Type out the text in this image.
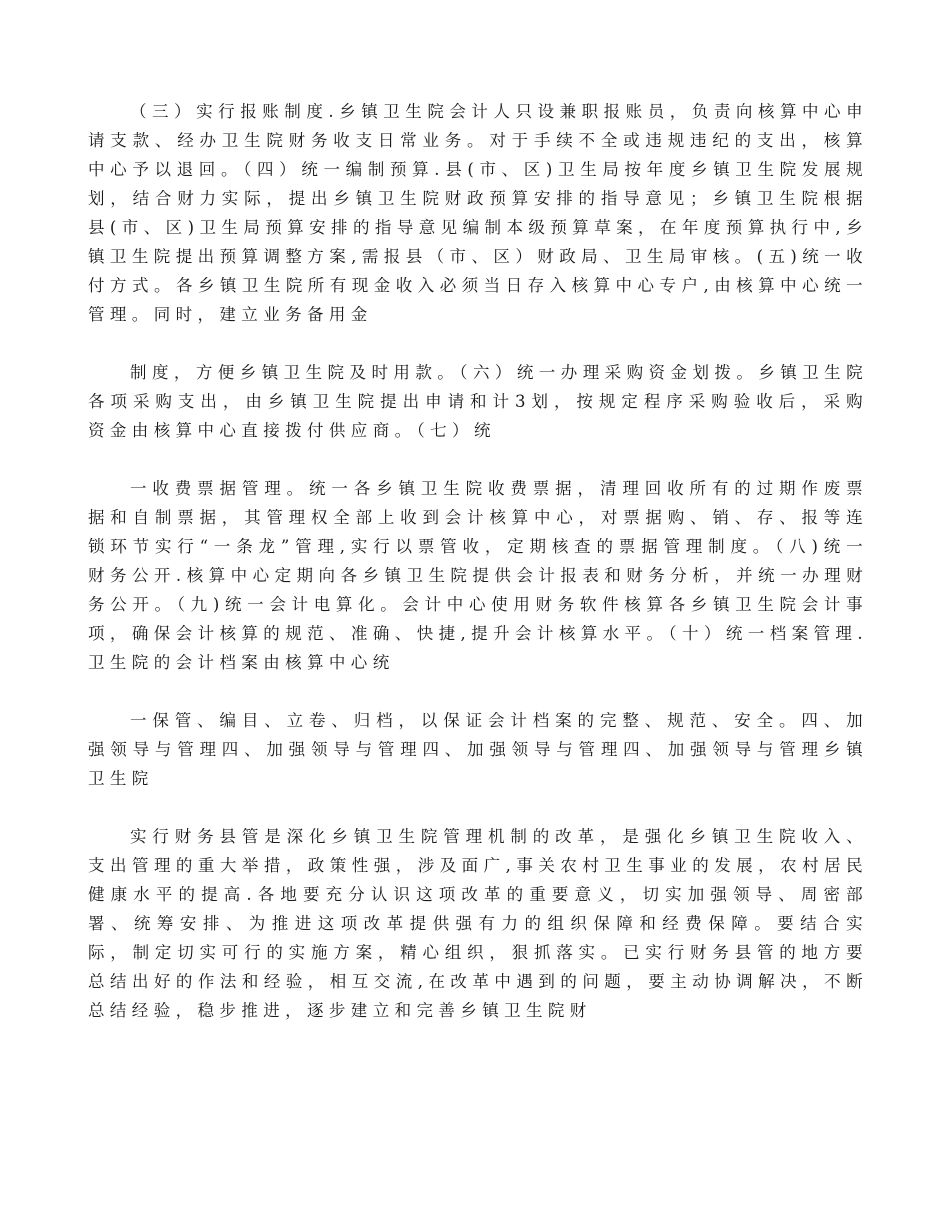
（三）实行报账制度.乡镇卫生院会计人只设兼职报账员，负责向核算中心申请支款、经办卫生院财务收支日常业务。对于手续不全或违规违纪的支出，核算中心予以退回。（四）统一编制预算.县(市、区)卫生局按年度乡镇卫生院发展规划，结合财力实际，提出乡镇卫生院财政预算安排的指导意见；乡镇卫生院根据县(市、区)卫生局预算安排的指导意见编制本级预算草案，在年度预算执行中,乡镇卫生院提出预算调整方案,需报县（市、区）财政局、卫生局审核。(五)统一收付方式。各乡镇卫生院所有现金收入必须当日存入核算中心专户,由核算中心统一管理。同时，建立业务备用金

制度，方便乡镇卫生院及时用款。（六）统一办理采购资金划拨。乡镇卫生院各项采购支出，由乡镇卫生院提出申请和计3划，按规定程序采购验收后，采购资金由核算中心直接拨付供应商。（七）统

一收费票据管理。统一各乡镇卫生院收费票据，清理回收所有的过期作废票据和自制票据，其管理权全部上收到会计核算中心，对票据购、销、存、报等连锁环节实行“一条龙”管理,实行以票管收，定期核查的票据管理制度。（八)统一财务公开.核算中心定期向各乡镇卫生院提供会计报表和财务分析，并统一办理财务公开。（九)统一会计电算化。会计中心使用财务软件核算各乡镇卫生院会计事项，确保会计核算的规范、准确、快捷,提升会计核算水平。（十）统一档案管理.卫生院的会计档案由核算中心统

一保管、编目、立卷、归档，以保证会计档案的完整、规范、安全。四、加强领导与管理四、加强领导与管理四、加强领导与管理四、加强领导与管理乡镇卫生院

实行财务县管是深化乡镇卫生院管理机制的改革，是强化乡镇卫生院收入、支出管理的重大举措，政策性强，涉及面广,事关农村卫生事业的发展，农村居民健康水平的提高.各地要充分认识这项改革的重要意义，切实加强领导、周密部署、统筹安排、为推进这项改革提供强有力的组织保障和经费保障。要结合实际，制定切实可行的实施方案，精心组织，狠抓落实。已实行财务县管的地方要总结出好的作法和经验，相互交流,在改革中遇到的问题，要主动协调解决，不断总结经验，稳步推进，逐步建立和完善乡镇卫生院财
